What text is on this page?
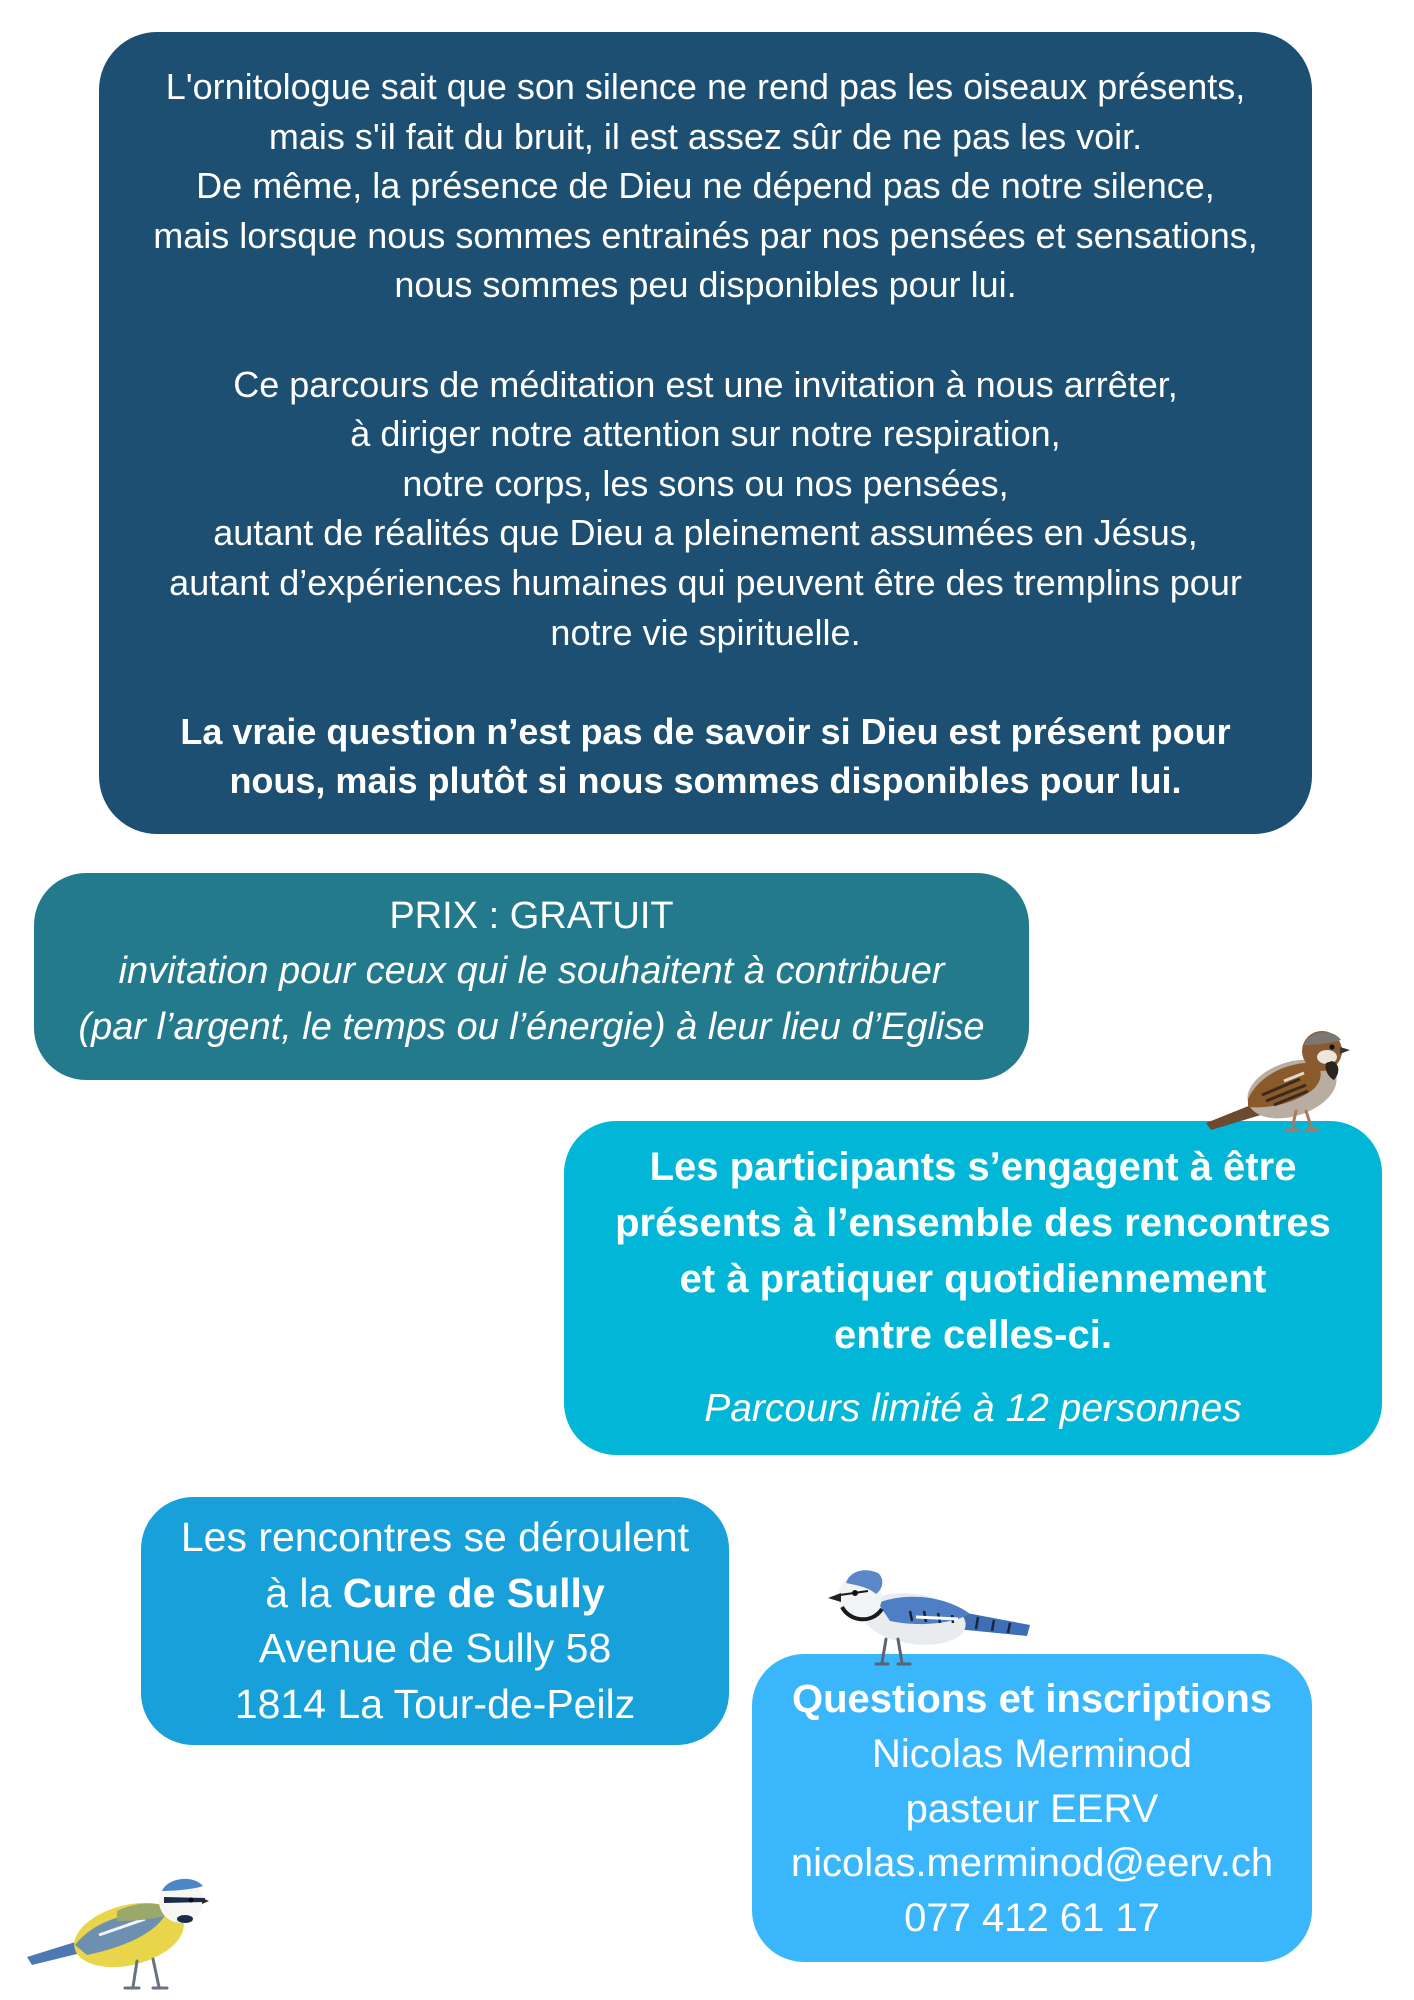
L'ornitologue sait que son silence ne rend pas les oiseaux présents,
mais s'il fait du bruit, il est assez sûr de ne pas les voir.
De même, la présence de Dieu ne dépend pas de notre silence,
mais lorsque nous sommes entrainés par nos pensées et sensations,
nous sommes peu disponibles pour lui.
Ce parcours de méditation est une invitation à nous arrêter,
à diriger notre attention sur notre respiration,
notre corps, les sons ou nos pensées,
autant de réalités que Dieu a pleinement assumées en Jésus,
autant d’expériences humaines qui peuvent être des tremplins pour
notre vie spirituelle.
La vraie question n’est pas de savoir si Dieu est présent pour
nous, mais plutôt si nous sommes disponibles pour lui.
PRIX : GRATUIT
invitation pour ceux qui le souhaitent à contribuer
(par l’argent, le temps ou l’énergie) à leur lieu d’Eglise
Les participants s’engagent à être
présents à l’ensemble des rencontres
et à pratiquer quotidiennement
entre celles-ci.
Parcours limité à 12 personnes
Les rencontres se déroulent
à la Cure de Sully
Avenue de Sully 58
1814 La Tour-de-Peilz	Questions et inscriptions
Nicolas Merminod
pasteur EERV
nicolas.merminod@eerv.ch
077 412 61 17
